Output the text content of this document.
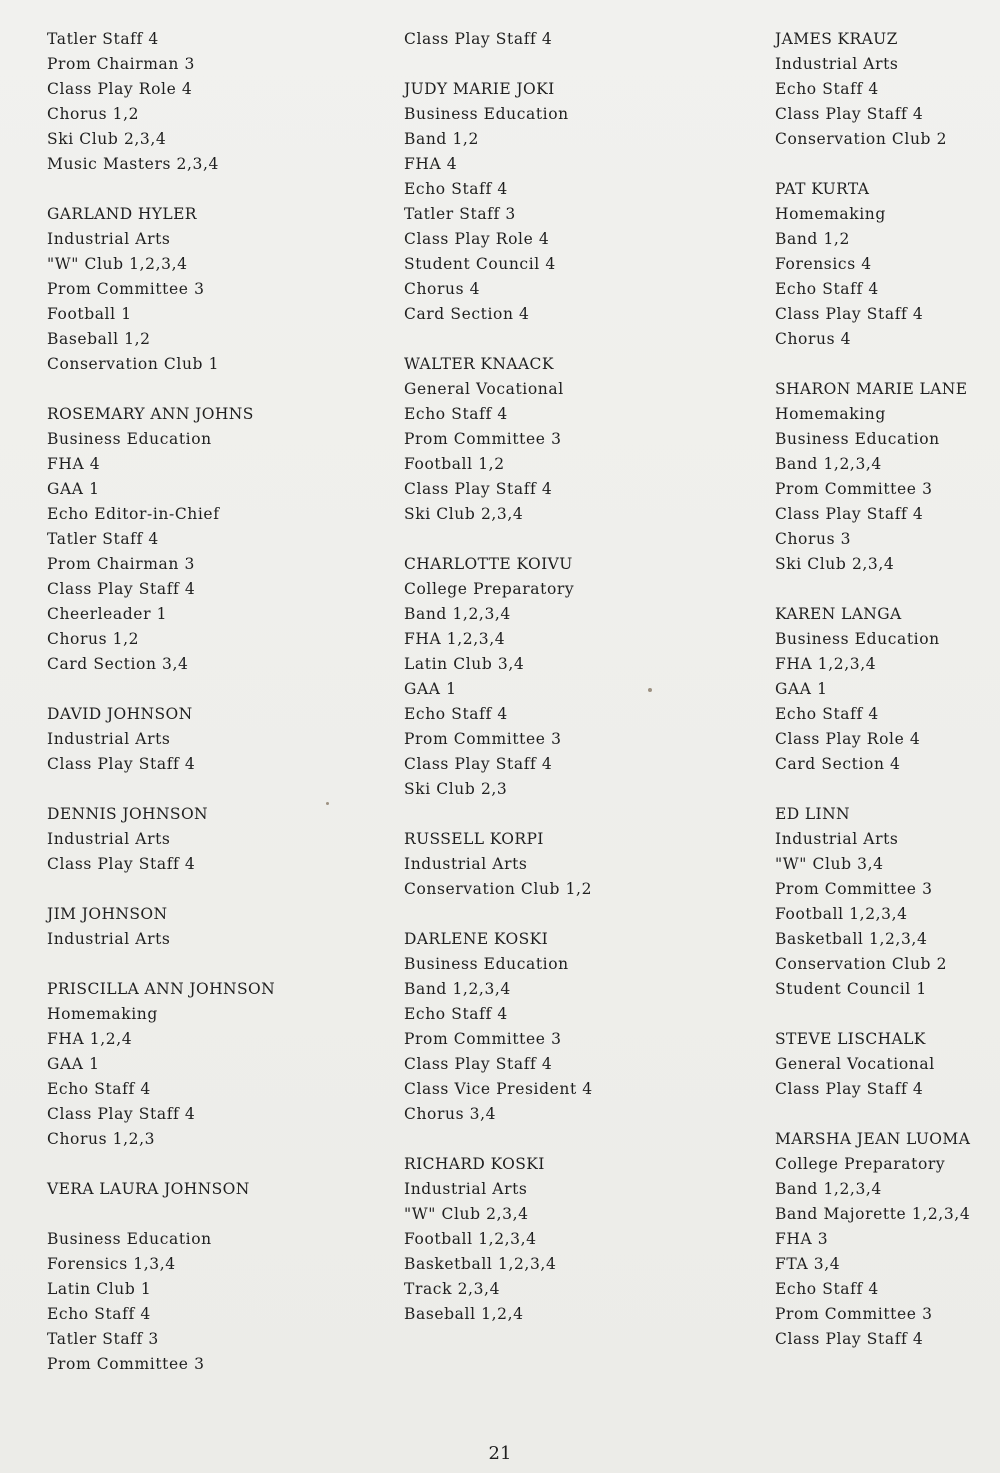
Tatler Staff 4
Prom Chairman 3
Class Play Role 4
Chorus 1,2
Ski Club 2,3,4
Music Masters 2,3,4
GARLAND HYLER
Industrial Arts
"W" Club 1,2,3,4
Prom Committee 3
Football 1
Baseball 1,2
Conservation Club 1
ROSEMARY ANN JOHNS
Business Education
FHA 4
GAA 1
Echo Editor-in-Chief
Tatler Staff 4
Prom Chairman 3
Class Play Staff 4
Cheerleader 1
Chorus 1,2
Card Section 3,4
DAVID JOHNSON
Industrial Arts
Class Play Staff 4
DENNIS JOHNSON
Industrial Arts
Class Play Staff 4
JIM JOHNSON
Industrial Arts
PRISCILLA ANN JOHNSON
Homemaking
FHA 1,2,4
GAA 1
Echo Staff 4
Class Play Staff 4
Chorus 1,2,3
VERA LAURA JOHNSON
Business Education
Forensics 1,3,4
Latin Club 1
Echo Staff 4
Tatler Staff 3
Prom Committee 3
Class Play Staff 4
JUDY MARIE JOKI
Business Education
Band 1,2
FHA 4
Echo Staff 4
Tatler Staff 3
Class Play Role 4
Student Council 4
Chorus 4
Card Section 4
WALTER KNAACK
General Vocational
Echo Staff 4
Prom Committee 3
Football 1,2
Class Play Staff 4
Ski Club 2,3,4
CHARLOTTE KOIVU
College Preparatory
Band 1,2,3,4
FHA 1,2,3,4
Latin Club 3,4
GAA 1
Echo Staff 4
Prom Committee 3
Class Play Staff 4
Ski Club 2,3
RUSSELL KORPI
Industrial Arts
Conservation Club 1,2
DARLENE KOSKI
Business Education
Band 1,2,3,4
Echo Staff 4
Prom Committee 3
Class Play Staff 4
Class Vice President 4
Chorus 3,4
RICHARD KOSKI
Industrial Arts
"W" Club 2,3,4
Football 1,2,3,4
Basketball 1,2,3,4
Track 2,3,4
Baseball 1,2,4
JAMES KRAUZ
Industrial Arts
Echo Staff 4
Class Play Staff 4
Conservation Club 2
PAT KURTA
Homemaking
Band 1,2
Forensics 4
Echo Staff 4
Class Play Staff 4
Chorus 4
SHARON MARIE LANE
Homemaking
Business Education
Band 1,2,3,4
Prom Committee 3
Class Play Staff 4
Chorus 3
Ski Club 2,3,4
KAREN LANGA
Business Education
FHA 1,2,3,4
GAA 1
Echo Staff 4
Class Play Role 4
Card Section 4
ED LINN
Industrial Arts
"W" Club 3,4
Prom Committee 3
Football 1,2,3,4
Basketball 1,2,3,4
Conservation Club 2
Student Council 1
STEVE LISCHALK
General Vocational
Class Play Staff 4
MARSHA JEAN LUOMA
College Preparatory
Band 1,2,3,4
Band Majorette 1,2,3,4
FHA 3
FTA 3,4
Echo Staff 4
Prom Committee 3
Class Play Staff 4
21
